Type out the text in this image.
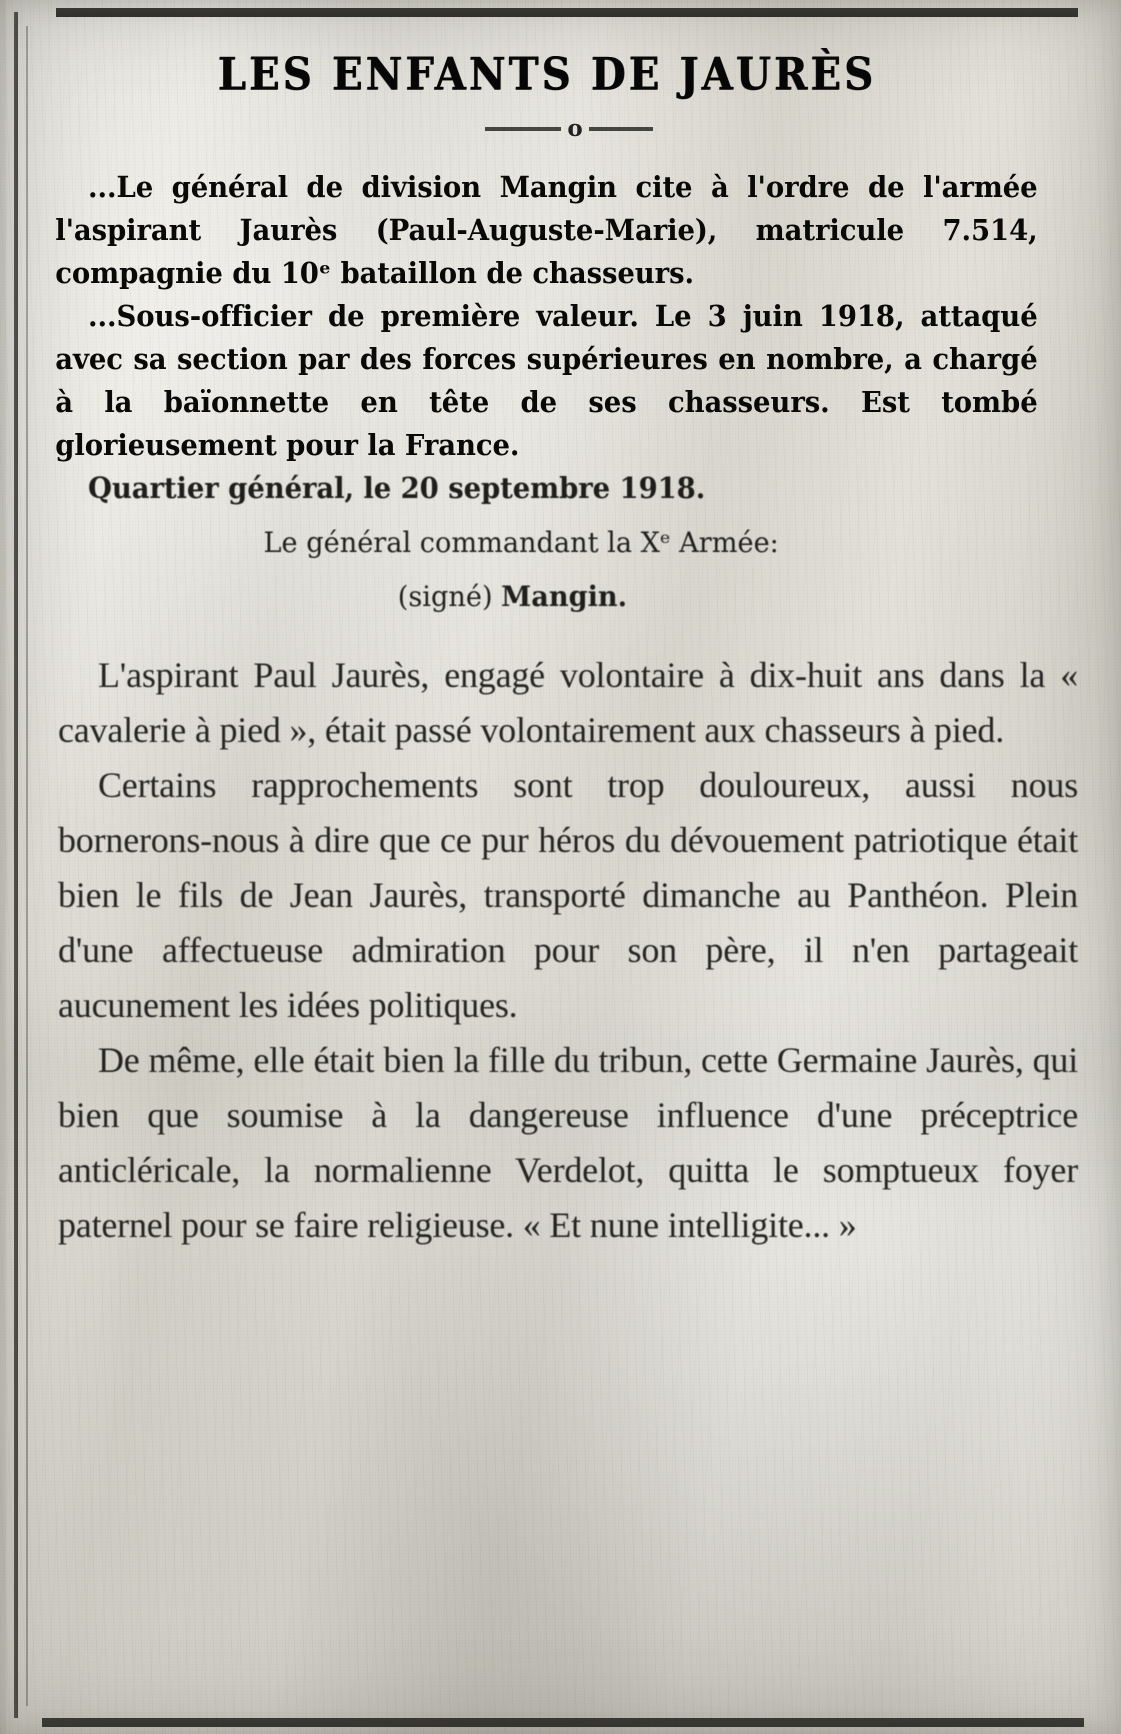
LES ENFANTS DE JAURÈS
o

...Le général de division Mangin cite à l'ordre de l'armée l'aspirant Jaurès (Paul-Auguste-Marie), matricule 7.514, compagnie du 10ᵉ bataillon de chasseurs.

...Sous-officier de première valeur. Le 3 juin 1918, attaqué avec sa section par des forces supérieures en nombre, a chargé à la baïonnette en tête de ses chasseurs. Est tombé glorieusement pour la France.

Quartier général, le 20 septembre 1918.

Le général commandant la Xᵉ Armée:
(signé) Mangin.

L'aspirant Paul Jaurès, engagé volontaire à dix-huit ans dans la « cavalerie à pied », était passé volontairement aux chasseurs à pied.

Certains rapprochements sont trop douloureux, aussi nous bornerons-nous à dire que ce pur héros du dévouement patriotique était bien le fils de Jean Jaurès, transporté dimanche au Panthéon. Plein d'une affectueuse admiration pour son père, il n'en partageait aucunement les idées politiques.

De même, elle était bien la fille du tribun, cette Germaine Jaurès, qui bien que soumise à la dangereuse influence d'une préceptrice anticléricale, la normalienne Verdelot, quitta le somptueux foyer paternel pour se faire religieuse. « Et nune intelligite... »
